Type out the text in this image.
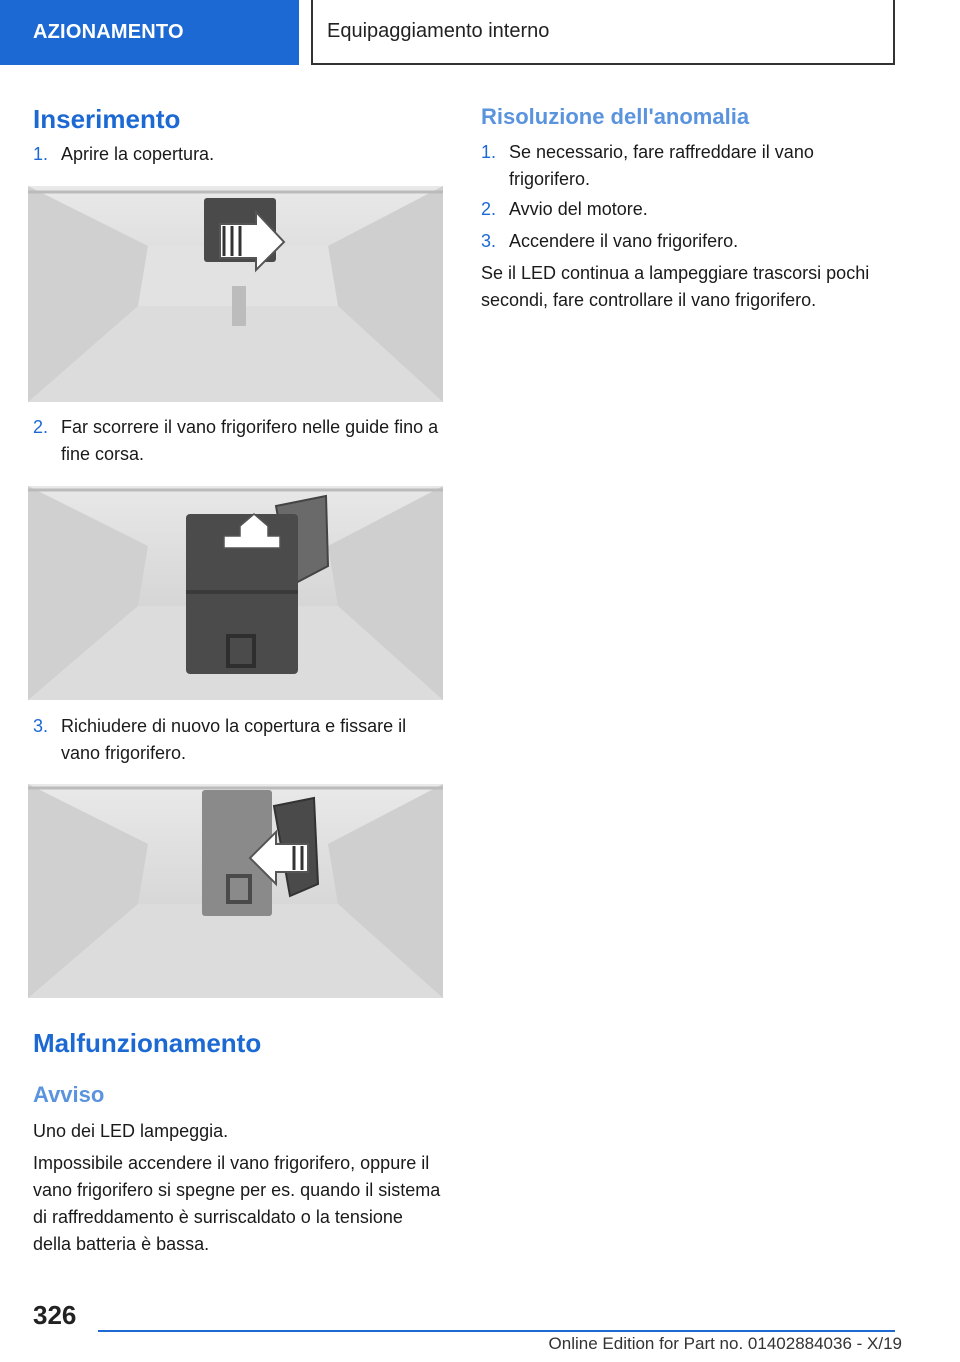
AZIONAMENTO	Equipaggiamento interno
Inserimento
1. Aprire la copertura.
2. Far scorrere il vano frigorifero nelle guide fino a fine corsa.
3. Richiudere di nuovo la copertura e fissare il vano frigorifero.
Malfunzionamento
Avviso
Uno dei LED lampeggia.
Impossibile accendere il vano frigorifero, oppure il vano frigorifero si spegne per es. quando il sistema di raffreddamento è surriscaldato o la tensione della batteria è bassa.
Risoluzione dell'anomalia
1. Se necessario, fare raffreddare il vano frigorifero.
2. Avvio del motore.
3. Accendere il vano frigorifero.
Se il LED continua a lampeggiare trascorsi pochi secondi, fare controllare il vano frigorifero.
326
Online Edition for Part no. 01402884036 - X/19
